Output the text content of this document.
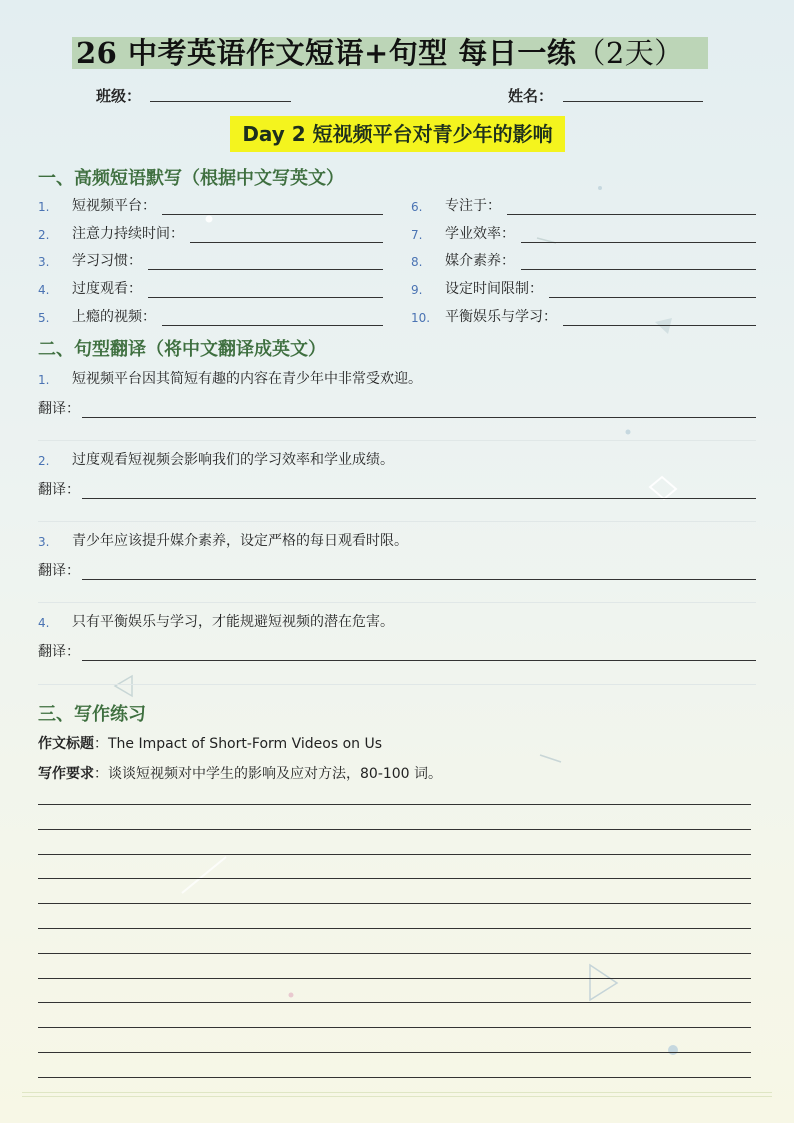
26 中考英语作文短语+句型 每日一练（2天）
班级：	姓名：
Day 2 短视频平台对青少年的影响
一、高频短语默写（根据中文写英文）
1.	短视频平台：
2.	注意力持续时间：
3.	学习习惯：
4.	过度观看：
5.	上瘾的视频：
6.	专注于：
7.	学业效率：
8.	媒介素养：
9.	设定时间限制：
10.	平衡娱乐与学习：
二、句型翻译（将中文翻译成英文）
1.	短视频平台因其简短有趣的内容在青少年中非常受欢迎。
翻译：
2.	过度观看短视频会影响我们的学习效率和学业成绩。
翻译：
3.	青少年应该提升媒介素养，设定严格的每日观看时限。
翻译：
4.	只有平衡娱乐与学习，才能规避短视频的潜在危害。
翻译：
三、写作练习
作文标题：The Impact of Short-Form Videos on Us
写作要求：谈谈短视频对中学生的影响及应对方法，80-100 词。
